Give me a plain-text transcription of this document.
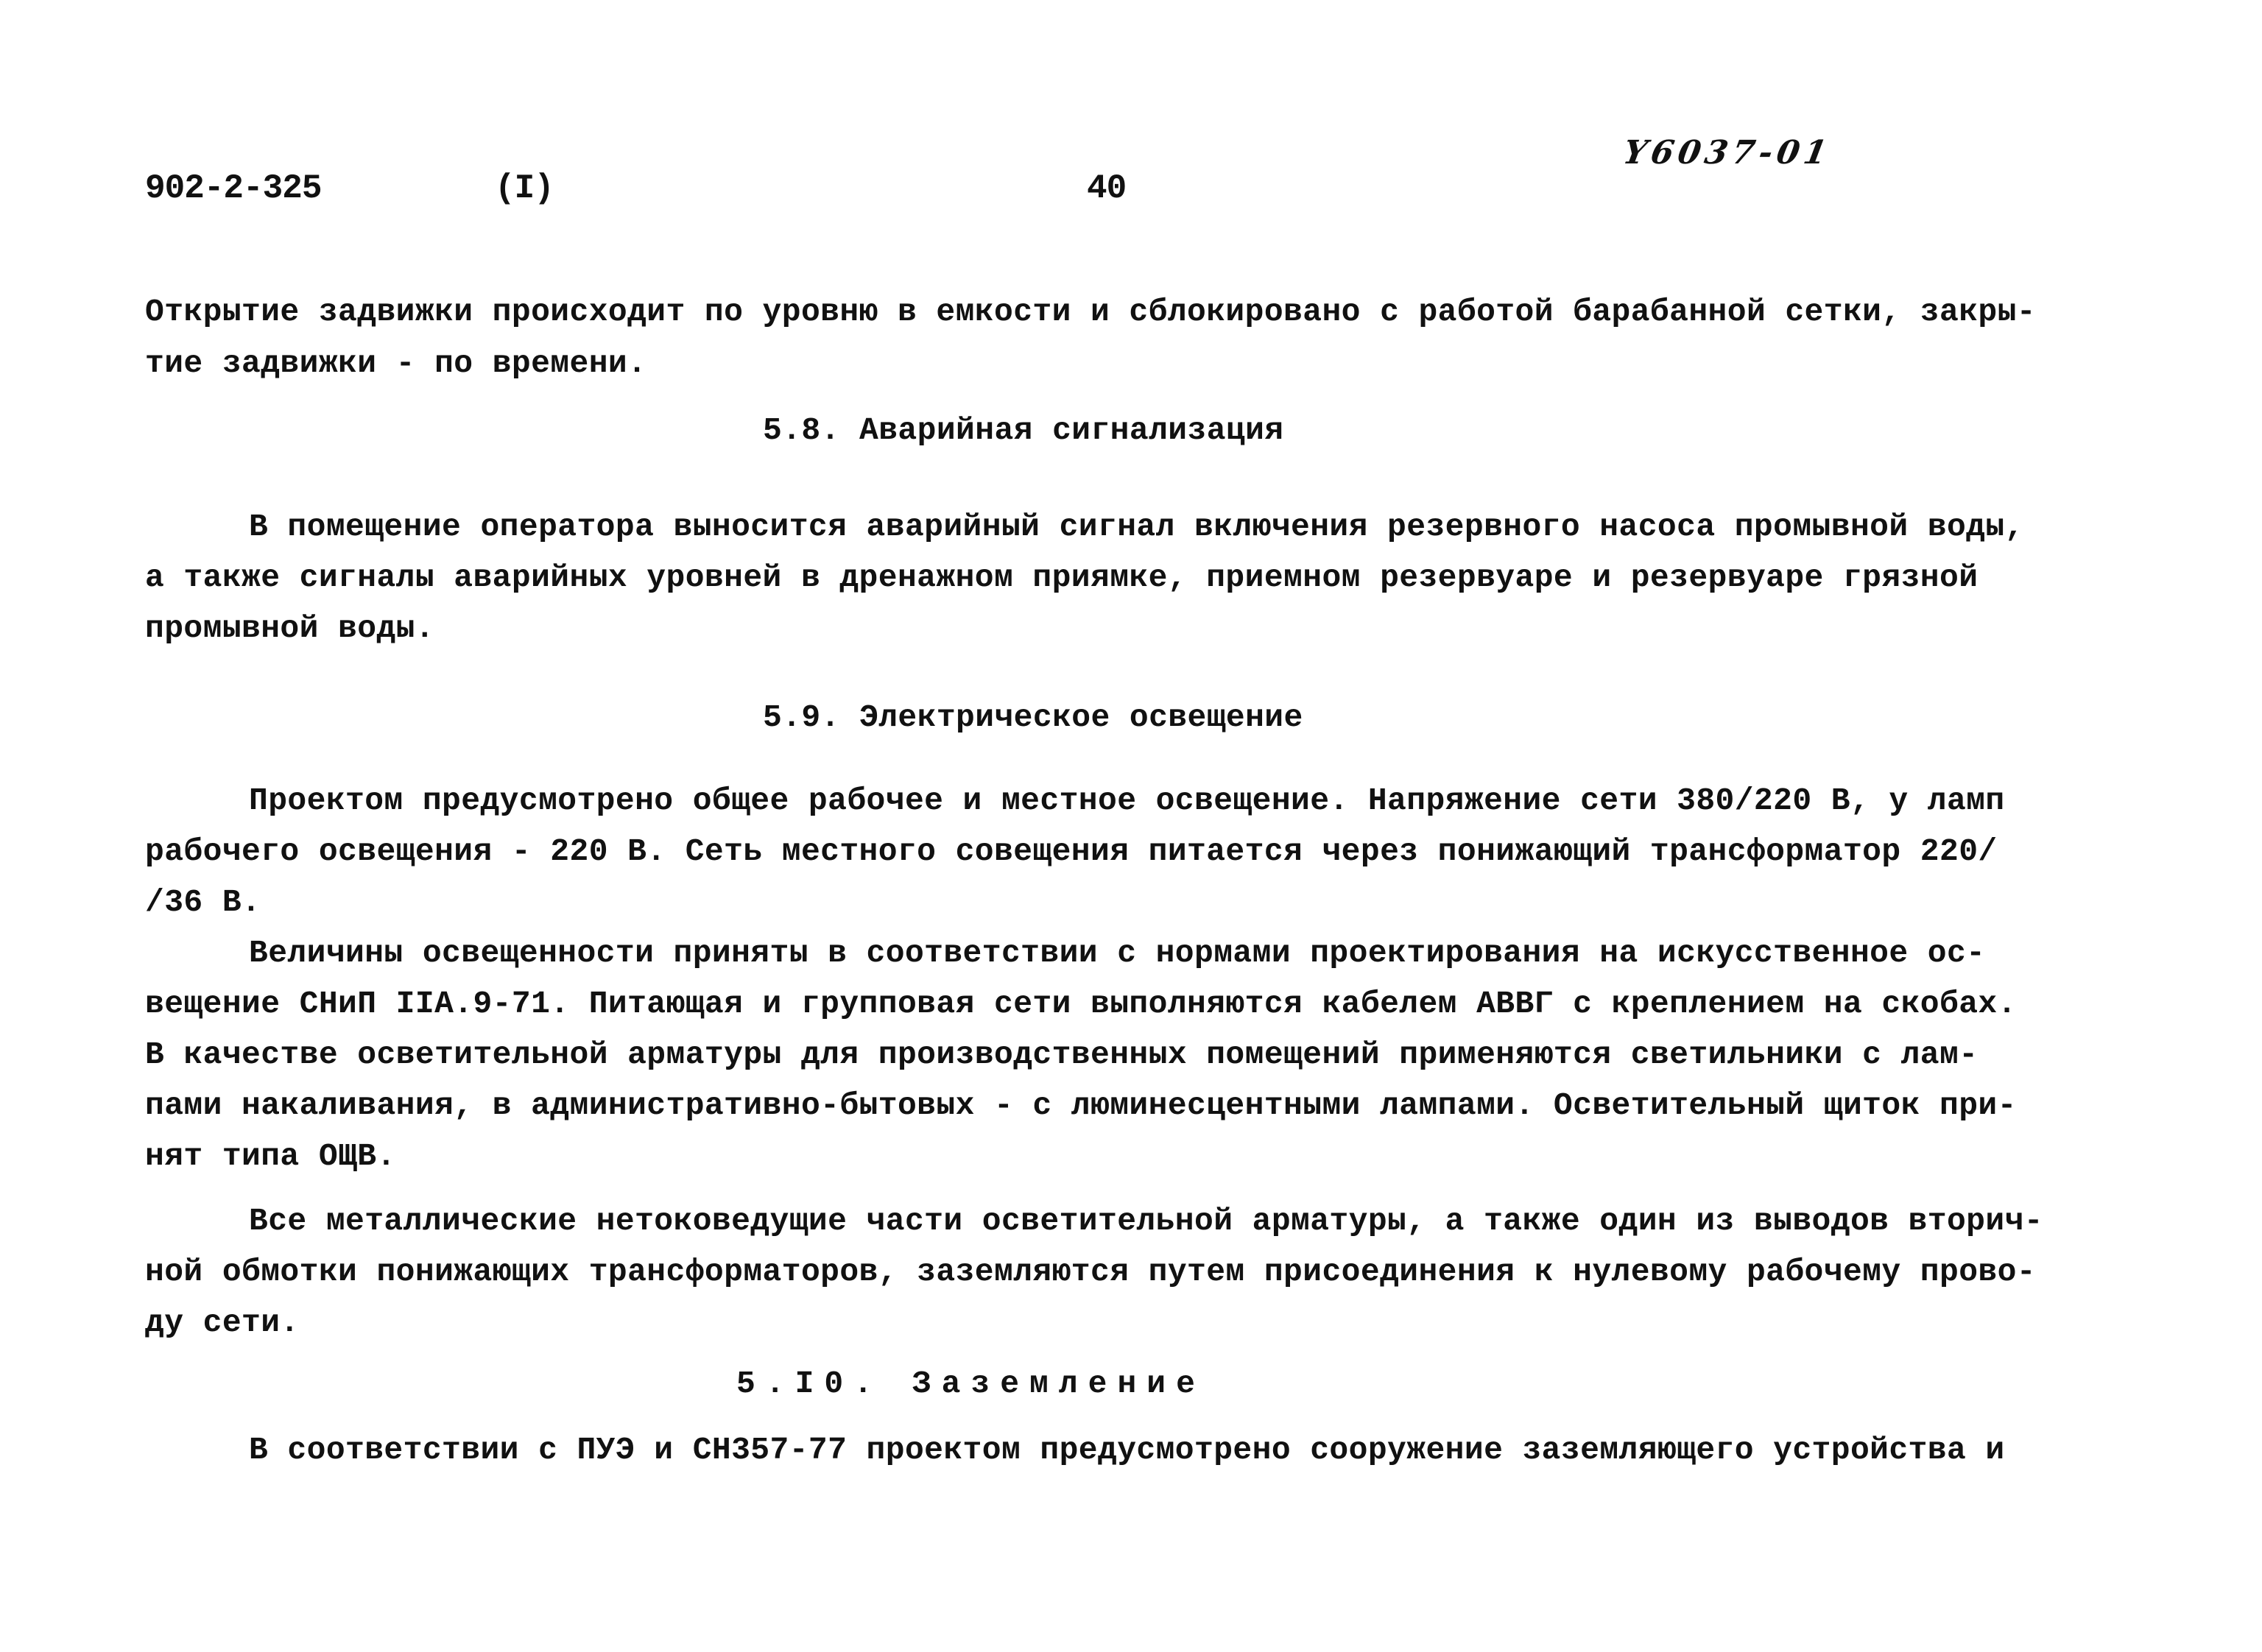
902-2-325	(I)	40
Y6037-01
Открытие задвижки происходит по уровню в емкости и сблокировано с работой барабанной сетки, закры-
тие задвижки - по времени.
5.8. Аварийная сигнализация
В помещение оператора выносится аварийный сигнал включения резервного насоса промывной воды,
а также сигналы аварийных уровней в дренажном приямке, приемном резервуаре и резервуаре грязной
промывной воды.
5.9. Электрическое освещение
Проектом предусмотрено общее рабочее и местное освещение. Напряжение сети 380/220 В, у ламп
рабочего освещения - 220 В. Сеть местного совещения питается через понижающий трансформатор 220/
/36 В.
Величины освещенности приняты в соответствии с нормами проектирования на искусственное ос-
вещение СНиП IIА.9-71. Питающая и групповая сети выполняются кабелем АВВГ с креплением на скобах.
В качестве осветительной арматуры для производственных помещений применяются светильники с лам-
пами накаливания, в административно-бытовых - с люминесцентными лампами. Осветительный щиток при-
нят типа ОЩВ.
Все металлические нетоковедущие части осветительной арматуры, а также один из выводов вторич-
ной обмотки понижающих трансформаторов, заземляются путем присоединения к нулевому рабочему прово-
ду сети.
5.I0. Заземление
В соответствии с ПУЭ и СН357-77 проектом предусмотрено сооружение заземляющего устройства и
